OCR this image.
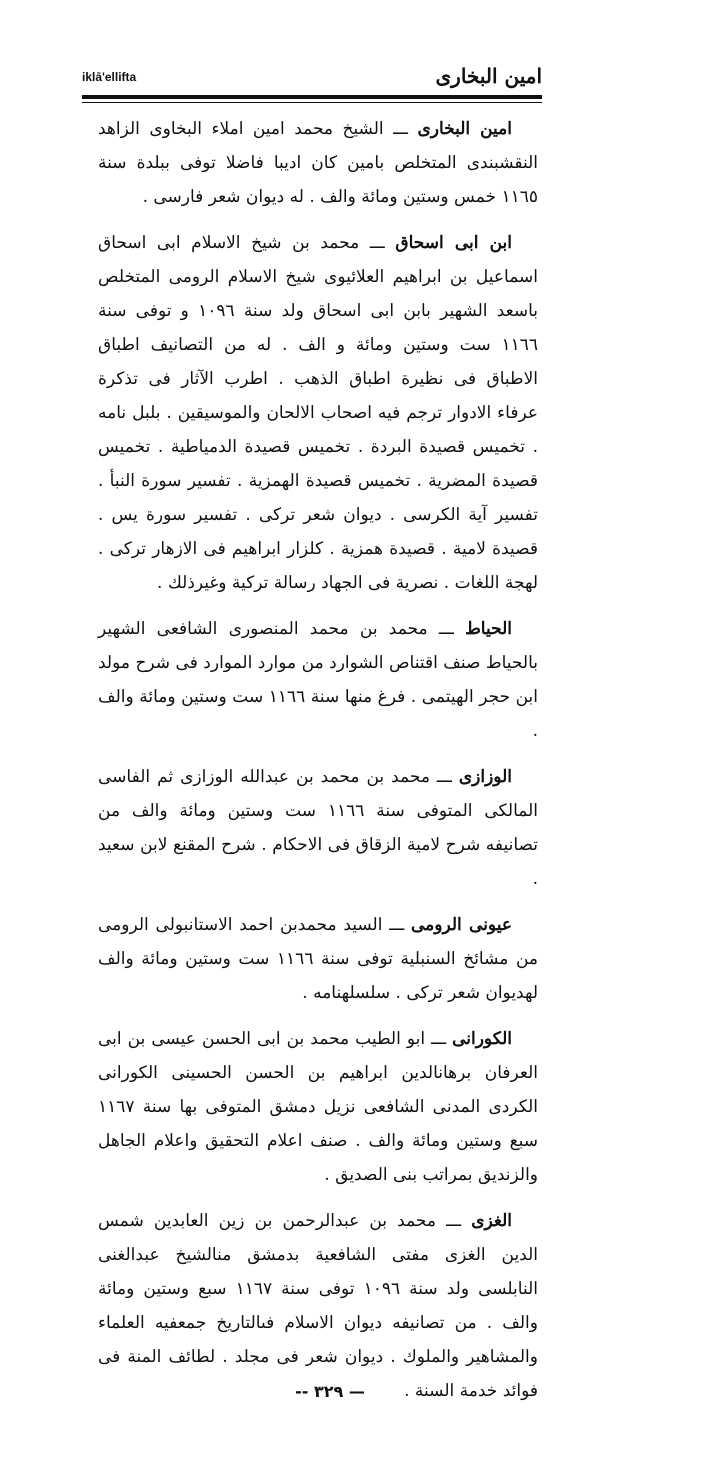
امين البخارى
iklā'ellifta

امين البخارى ـــ الشيخ محمد امين املاء البخاوى الزاهد النقشبندى المتخلص بامين كان اديبا فاضلا توفى ببلدة سنة ١١٦٥ خمس وستين ومائة والف . له ديوان شعر فارسى .

ابن ابى اسحاق ـــ محمد بن شيخ الاسلام ابى اسحاق اسماعيل بن ابراهيم العلائيوى شيخ الاسلام الرومى المتخلص باسعد الشهير بابن ابى اسحاق ولد سنة ١٠٩٦ و توفى سنة ١١٦٦ ست وستين ومائة و الف . له من التصانيف اطباق الاطباق فى نظيرة اطباق الذهب . اطرب الآثار فى تذكرة عرفاء الادوار ترجم فيه اصحاب الالحان والموسيقين . بلبل نامه . تخميس قصيدة البردة . تخميس قصيدة الدمياطية . تخميس قصيدة المضرية . تخميس قصيدة الهمزية . تفسير سورة النبأ . تفسير آية الكرسى . ديوان شعر تركى . تفسير سورة يس . قصيدة لامية . قصيدة همزية . كلزار ابراهيم فى الازهار تركى . لهجة اللغات . نصرية فى الجهاد رسالة تركية وغيرذلك .

الحياط ـــ محمد بن محمد المنصورى الشافعى الشهير بالحياط صنف اقتناص الشوارد من موارد الموارد فى شرح مولد ابن حجر الهيتمى . فرغ منها سنة ١١٦٦ ست وستين ومائة والف .

الوزازى ـــ محمد بن محمد بن عبدالله الوزازى ثم الفاسى المالكى المتوفى سنة ١١٦٦ ست وستين ومائة والف من تصانيفه شرح لامية الزقاق فى الاحكام . شرح المقنع لابن سعيد .

عيونى الرومى ـــ السيد محمدبن احمد الاستانبولى الرومى من مشائخ السنبلية توفى سنة ١١٦٦ ست وستين ومائة والف لهديوان شعر تركى . سلسلهنامه .

الكورانى ـــ ابو الطيب محمد بن ابى الحسن عيسى بن ابى العرفان برهانالدين ابراهيم بن الحسن الحسينى الكورانى الكردى المدنى الشافعى نزيل دمشق المتوفى بها سنة ١١٦٧ سبع وستين ومائة والف . صنف اعلام التحقيق واعلام الجاهل والزنديق بمراتب بنى الصديق .

الغزى ـــ محمد بن عبدالرحمن بن زين العابدين شمس الدين الغزى مفتى الشافعية بدمشق منالشيخ عبدالغنى النابلسى ولد سنة ١٠٩٦ توفى سنة ١١٦٧ سبع وستين ومائة والف . من تصانيفه ديوان الاسلام فىالتاريخ جمعفيه العلماء والمشاهير والملوك . ديوان شعر فى مجلد . لطائف المنة فى فوائد خدمة السنة .

— ٣٢٩ --
